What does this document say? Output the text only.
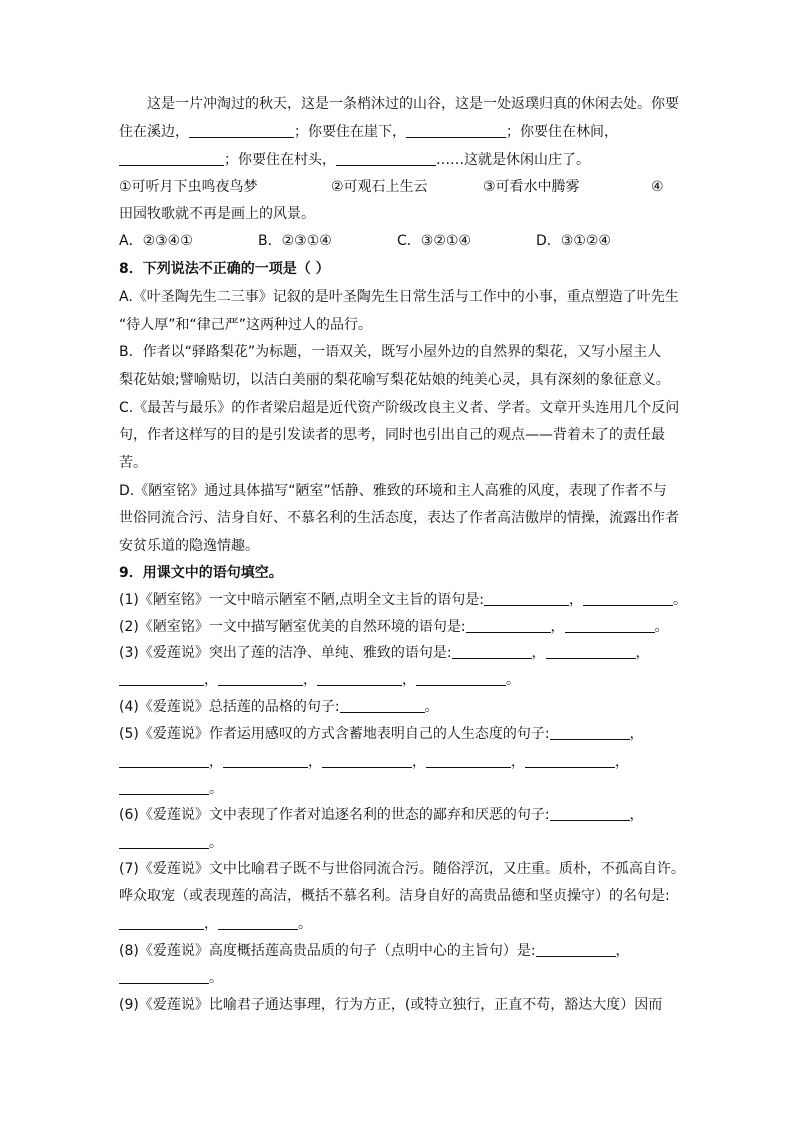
这是一片冲淘过的秋天，这是一条梢沐过的山谷，这是一处返璞归真的休闲去处。你要
住在溪边，	；你要住在崖下，	；你要住在林间，
；你要住在村头，	……这就是休闲山庄了。
①可听月下虫鸣夜鸟梦	②可观石上生云	③可看水中腾雾	④
田园牧歌就不再是画上的风景。
A．②③④①	B．②③①④	C．③②①④	D．③①②④
8．下列说法不正确的一项是（ ）
A.《叶圣陶先生二三事》记叙的是叶圣陶先生日常生活与工作中的小事，重点塑造了叶先生
“待人厚”和“律己严”这两种过人的品行。
B．作者以“驿路梨花”为标题，一语双关，既写小屋外边的自然界的梨花，又写小屋主人
梨花姑娘;譬喻贴切，以洁白美丽的梨花喻写梨花姑娘的纯美心灵，具有深刻的象征意义。
C.《最苦与最乐》的作者梁启超是近代资产阶级改良主义者、学者。文章开头连用几个反问
句，作者这样写的目的是引发读者的思考，同时也引出自己的观点——背着未了的责任最
苦。
D.《陋室铭》通过具体描写“陋室”恬静、雅致的环境和主人高雅的风度，表现了作者不与
世俗同流合污、洁身自好、不慕名利的生活态度，表达了作者高洁傲岸的情操，流露出作者
安贫乐道的隐逸情趣。
9．用课文中的语句填空。
(1)《陋室铭》一文中暗示陋室不陋,点明全文主旨的语句是:	，	。
(2)《陋室铭》一文中描写陋室优美的自然环境的语句是:	，	。
(3)《爱莲说》突出了莲的洁净、单纯、雅致的语句是:	，	，
，	，	，	。
(4)《爱莲说》总括莲的品格的句子:	。
(5)《爱莲说》作者运用感叹的方式含蓄地表明自己的人生态度的句子:	，
，	，	，	，	，
。
(6)《爱莲说》文中表现了作者对追逐名利的世态的鄙弃和厌恶的句子:	，
。
(7)《爱莲说》文中比喻君子既不与世俗同流合污。随俗浮沉，又庄重。质朴，不孤高自许。
哗众取宠（或表现莲的高洁，概括不慕名利。洁身自好的高贵品德和坚贞操守）的名句是:
，	。
(8)《爱莲说》高度概括莲高贵品质的句子（点明中心的主旨句）是:	，
。
(9)《爱莲说》比喻君子通达事理，行为方正，(或特立独行，正直不苟，豁达大度）因而
